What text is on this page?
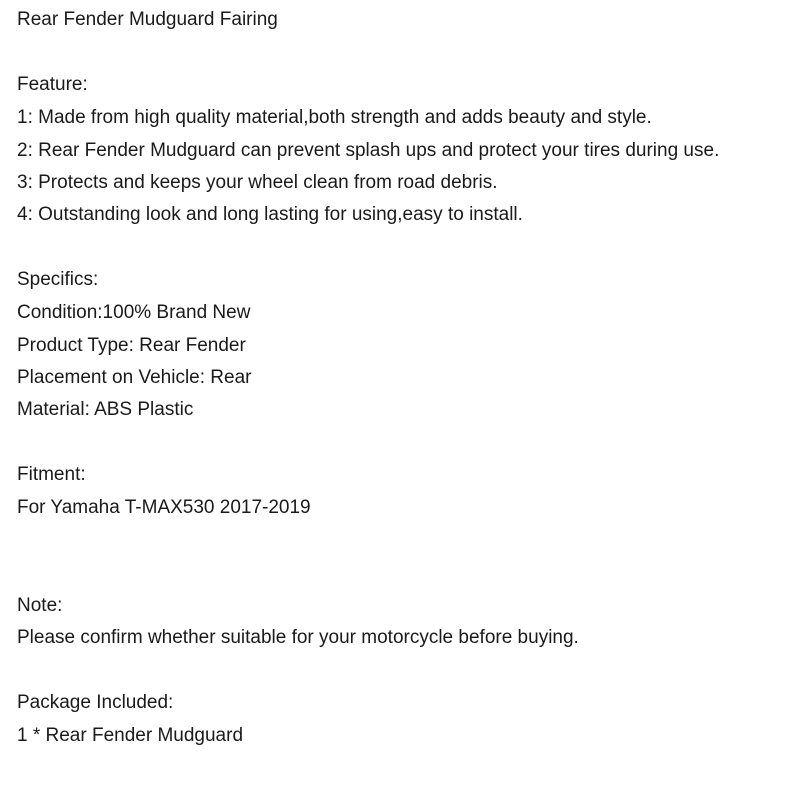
Rear Fender Mudguard Fairing
Feature:
1: Made from high quality material,both strength and adds beauty and style.
2: Rear Fender Mudguard can prevent splash ups and protect your tires during use.
3: Protects and keeps your wheel clean from road debris.
4: Outstanding look and long lasting for using,easy to install.
Specifics:
Condition:100% Brand New
Product Type: Rear Fender
Placement on Vehicle: Rear
Material: ABS Plastic
Fitment:
For Yamaha T-MAX530 2017-2019
Note:
Please confirm whether suitable for your motorcycle before buying.
Package Included:
1 * Rear Fender Mudguard
